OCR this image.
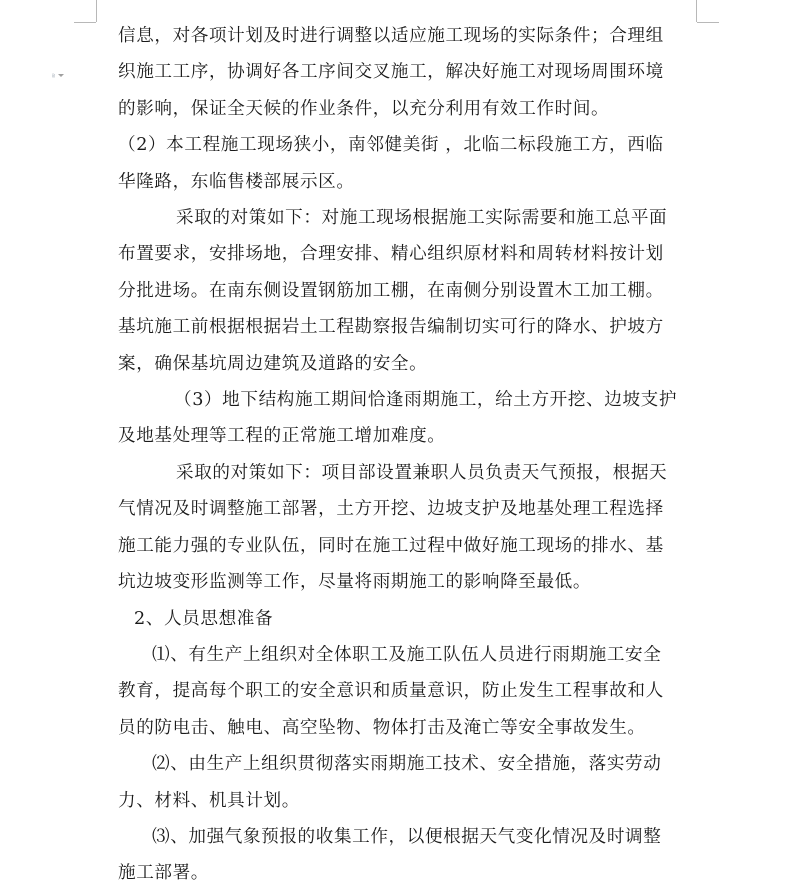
信息，对各项计划及时进行调整以适应施工现场的实际条件；合理组

织施工工序，协调好各工序间交叉施工，解决好施工对现场周围环境

的影响，保证全天候的作业条件，以充分利用有效工作时间。

（2）本工程施工现场狭小，南邻健美街 ，北临二标段施工方，西临

华隆路，东临售楼部展示区。

采取的对策如下：对施工现场根据施工实际需要和施工总平面

布置要求，安排场地，合理安排、精心组织原材料和周转材料按计划

分批进场。在南东侧设置钢筋加工棚，在南侧分别设置木工加工棚。

基坑施工前根据根据岩土工程勘察报告编制切实可行的降水、护坡方

案，确保基坑周边建筑及道路的安全。

（3）地下结构施工期间恰逢雨期施工，给土方开挖、边坡支护

及地基处理等工程的正常施工增加难度。

采取的对策如下：项目部设置兼职人员负责天气预报，根据天

气情况及时调整施工部署，土方开挖、边坡支护及地基处理工程选择

施工能力强的专业队伍，同时在施工过程中做好施工现场的排水、基

坑边坡变形监测等工作，尽量将雨期施工的影响降至最低。

2、人员思想准备

⑴、有生产上组织对全体职工及施工队伍人员进行雨期施工安全

教育，提高每个职工的安全意识和质量意识，防止发生工程事故和人

员的防电击、触电、高空坠物、物体打击及淹亡等安全事故发生。

⑵、由生产上组织贯彻落实雨期施工技术、安全措施，落实劳动

力、材料、机具计划。

⑶、加强气象预报的收集工作，以便根据天气变化情况及时调整

施工部署。
